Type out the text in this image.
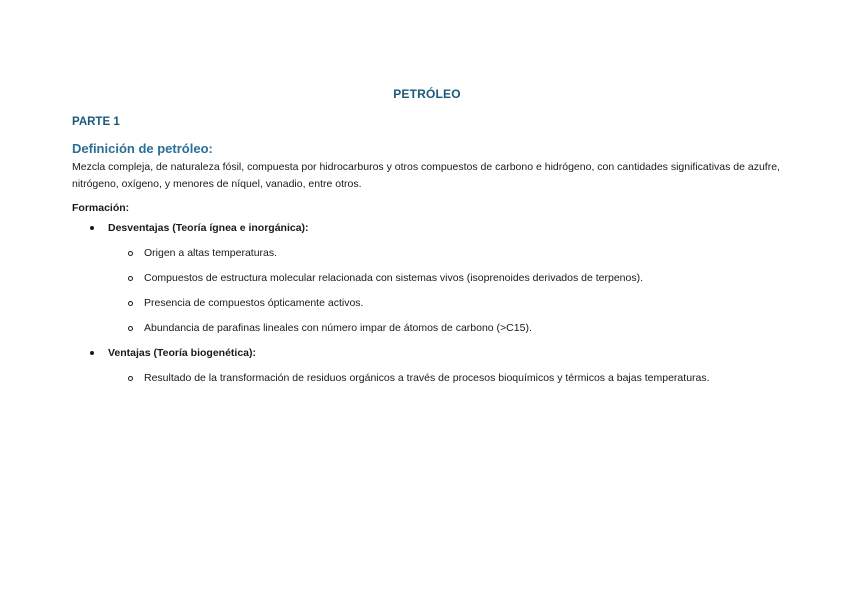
PETRÓLEO
PARTE 1
Definición de petróleo:
Mezcla compleja, de naturaleza fósil, compuesta por hidrocarburos y otros compuestos de carbono e hidrógeno, con cantidades significativas de azufre, nitrógeno, oxígeno, y menores de níquel, vanadio, entre otros.
Formación:
Desventajas (Teoría ígnea e inorgánica):
Origen a altas temperaturas.
Compuestos de estructura molecular relacionada con sistemas vivos (isoprenoides derivados de terpenos).
Presencia de compuestos ópticamente activos.
Abundancia de parafinas lineales con número impar de átomos de carbono (>C15).
Ventajas (Teoría biogenética):
Resultado de la transformación de residuos orgánicos a través de procesos bioquímicos y térmicos a bajas temperaturas.
